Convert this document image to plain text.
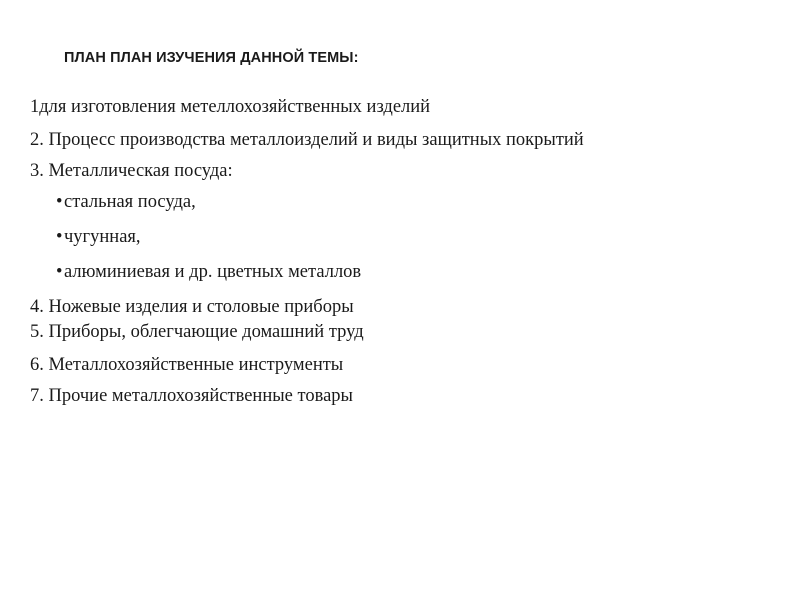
ПЛАН ПЛАН ИЗУЧЕНИЯ ДАННОЙ ТЕМЫ:

1для изготовления метеллохозяйственных изделий

2. Процесс производства металлоизделий и виды защитных покрытий

3. Металлическая посуда:

•стальная посуда,

•чугунная,

•алюминиевая и др. цветных металлов

4. Ножевые изделия и столовые приборы

5. Приборы, облегчающие домашний труд

6. Металлохозяйственные инструменты

7. Прочие металлохозяйственные товары
